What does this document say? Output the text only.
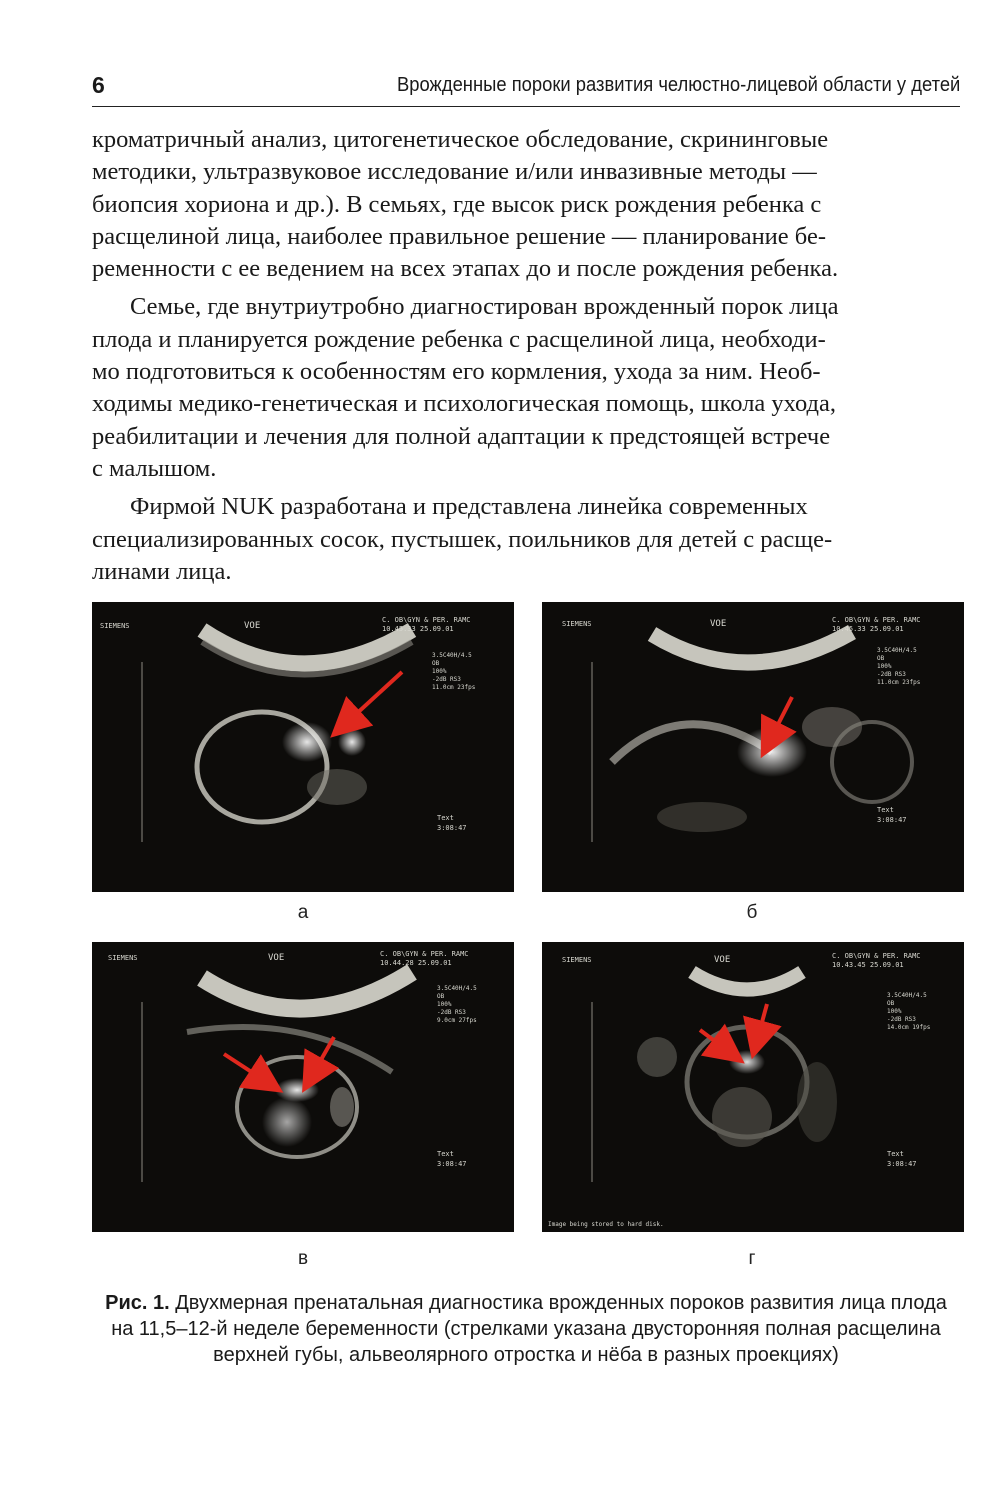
6	Врожденные пороки развития челюстно-лицевой области у детей

кроматричный анализ, цитогенетическое обследование, скрининговые
методики, ультразвуковое исследование и/или инвазивные методы —
биопсия хориона и др.). В семьях, где высок риск рождения ребенка с
расщелиной лица, наиболее правильное решение — планирование бе-
ременности с ее ведением на всех этапах до и после рождения ребенка.

Семье, где внутриутробно диагностирован врожденный порок лица
плода и планируется рождение ребенка с расщелиной лица, необходи-
мо подготовиться к особенностям его кормления, ухода за ним. Необ-
ходимы медико-генетическая и психологическая помощь, школа ухода,
реабилитации и лечения для полной адаптации к предстоящей встрече
с малышом.

Фирмой NUK разработана и представлена линейка современных
специализированных сосок, пустышек, поильников для детей с расще-
линами лица.

SIEMENS	VOE
C. OB\GYN & PER. RAMC
10.45.33 25.09.01
3.5C40H/4.5
OB
100%
-2dB RS3
11.0cm 23fps
Text
3:08:47
а
SIEMENS	VOE	C. OB\GYN & PER. RAMC
10.45.33 25.09.01
3.5C40H/4.5
OB
100%
-2dB RS3
11.0cm 23fps
Text
3:08:47
б
SIEMENS	VOE	C. OB\GYN & PER. RAMC
10.44.28 25.09.01
3.5C40H/4.5
OB
100%
-2dB RS3
9.0cm 27fps
Text
3:08:47
в
SIEMENS	VOE	C. OB\GYN & PER. RAMC
10.43.45 25.09.01
3.5C40H/4.5
OB
100%
-2dB RS3
14.0cm 19fps
Text
3:08:47
Image being stored to hard disk.
г
Рис. 1. Двухмерная пренатальная диагностика врожденных пороков развития лица плода
на 11,5–12-й неделе беременности (стрелками указана двусторонняя полная расщелина
верхней губы, альвеолярного отростка и нёба в разных проекциях)
